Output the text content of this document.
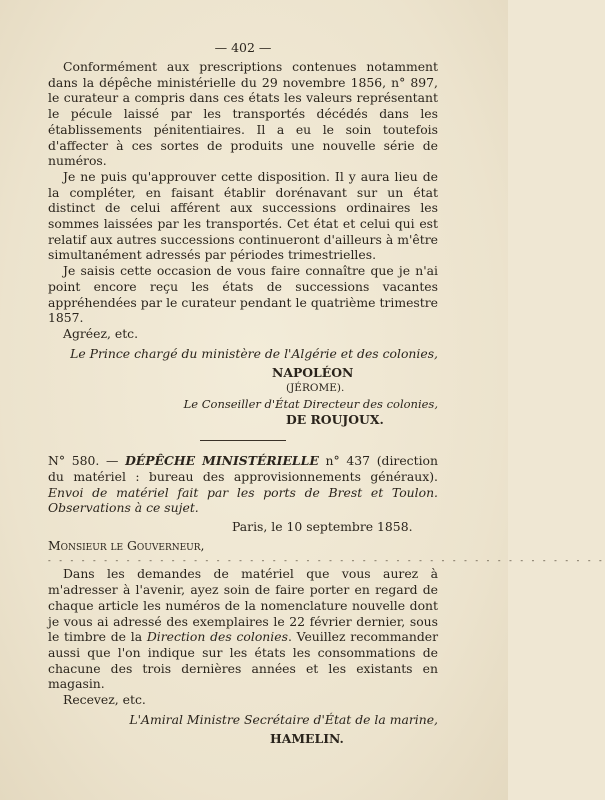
— 402 —

Conformément aux prescriptions contenues notamment dans la dépêche ministérielle du 29 novembre 1856, n° 897, le curateur a compris dans ces états les valeurs représentant le pécule laissé par les transportés décédés dans les établissements pénitentiaires. Il a eu le soin toutefois d'affecter à ces sortes de produits une nouvelle série de numéros.

Je ne puis qu'approuver cette disposition. Il y aura lieu de la compléter, en faisant établir dorénavant sur un état distinct de celui afférent aux successions ordinaires les sommes laissées par les transportés. Cet état et celui qui est relatif aux autres successions continueront d'ailleurs à m'être simultanément adressés par périodes trimestrielles.

Je saisis cette occasion de vous faire connaître que je n'ai point encore reçu les états de successions vacantes appréhendées par le curateur pendant le quatrième trimestre 1857.

Agréez, etc.

Le Prince chargé du ministère de l'Algérie et des colonies,
NAPOLÉON
(JÉROME).
Le Conseiller d'État Directeur des colonies,
DE ROUJOUX.

N° 580. — DÉPÊCHE MINISTÉRIELLE n° 437 (direction du matériel : bureau des approvisionnements généraux). Envoi de matériel fait par les ports de Brest et Toulon. Observations à ce sujet.

Paris, le 10 septembre 1858.
Monsieur le Gouverneur,
- - - - - - - - - - - - - - - - - - - - - - - - - - - - - - - - - - - - - - - - - - - - - - - - - -

Dans les demandes de matériel que vous aurez à m'adresser à l'avenir, ayez soin de faire porter en regard de chaque article les numéros de la nomenclature nouvelle dont je vous ai adressé des exemplaires le 22 février dernier, sous le timbre de la Direction des colonies. Veuillez recommander aussi que l'on indique sur les états les consommations de chacune des trois dernières années et les existants en magasin.

Recevez, etc.

L'Amiral Ministre Secrétaire d'État de la marine,
HAMELIN.
